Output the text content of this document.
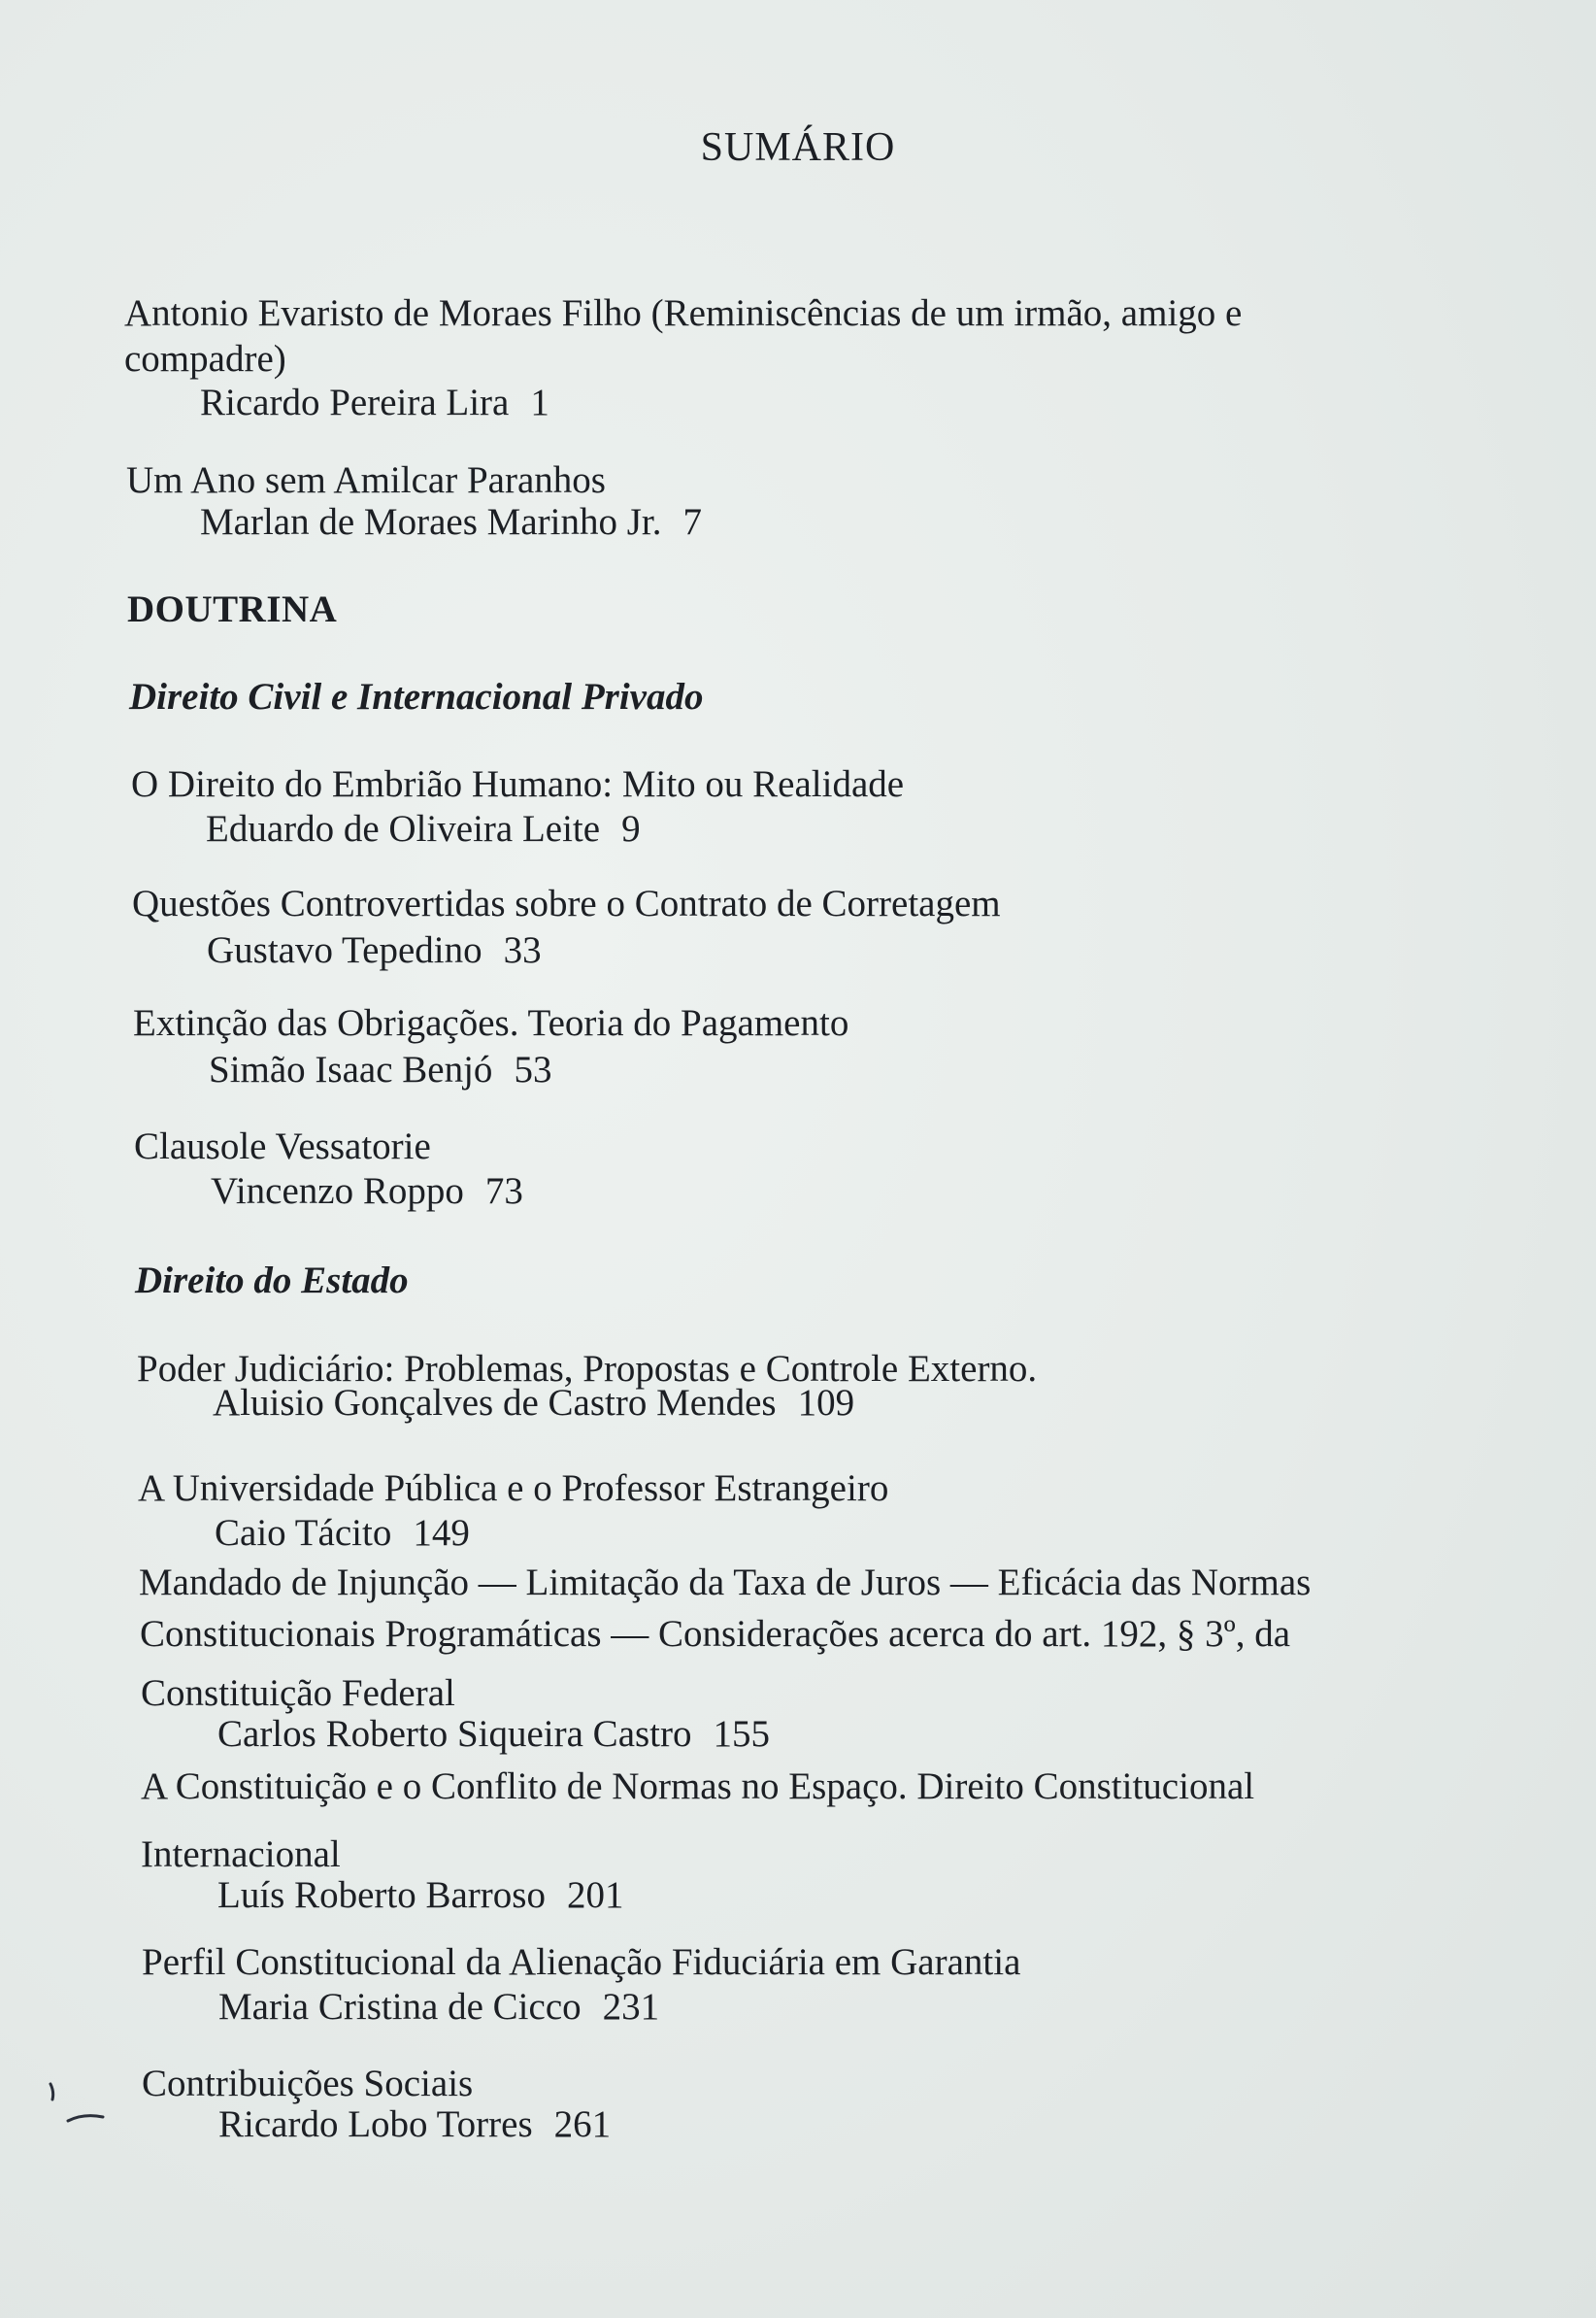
SUMÁRIO
Antonio Evaristo de Moraes Filho (Reminiscências de um irmão, amigo e
compadre)
Ricardo Pereira Lira 1
Um Ano sem Amilcar Paranhos
Marlan de Moraes Marinho Jr. 7
DOUTRINA
Direito Civil e Internacional Privado
O Direito do Embrião Humano: Mito ou Realidade
Eduardo de Oliveira Leite 9
Questões Controvertidas sobre o Contrato de Corretagem
Gustavo Tepedino 33
Extinção das Obrigações. Teoria do Pagamento
Simão Isaac Benjó 53
Clausole Vessatorie
Vincenzo Roppo 73
Direito do Estado
Poder Judiciário: Problemas, Propostas e Controle Externo.
Aluisio Gonçalves de Castro Mendes 109
A Universidade Pública e o Professor Estrangeiro
Caio Tácito 149
Mandado de Injunção — Limitação da Taxa de Juros — Eficácia das Normas
Constitucionais Programáticas — Considerações acerca do art. 192, § 3º, da
Constituição Federal
Carlos Roberto Siqueira Castro 155
A Constituição e o Conflito de Normas no Espaço. Direito Constitucional
Internacional
Luís Roberto Barroso 201
Perfil Constitucional da Alienação Fiduciária em Garantia
Maria Cristina de Cicco 231
Contribuições Sociais
Ricardo Lobo Torres 261
